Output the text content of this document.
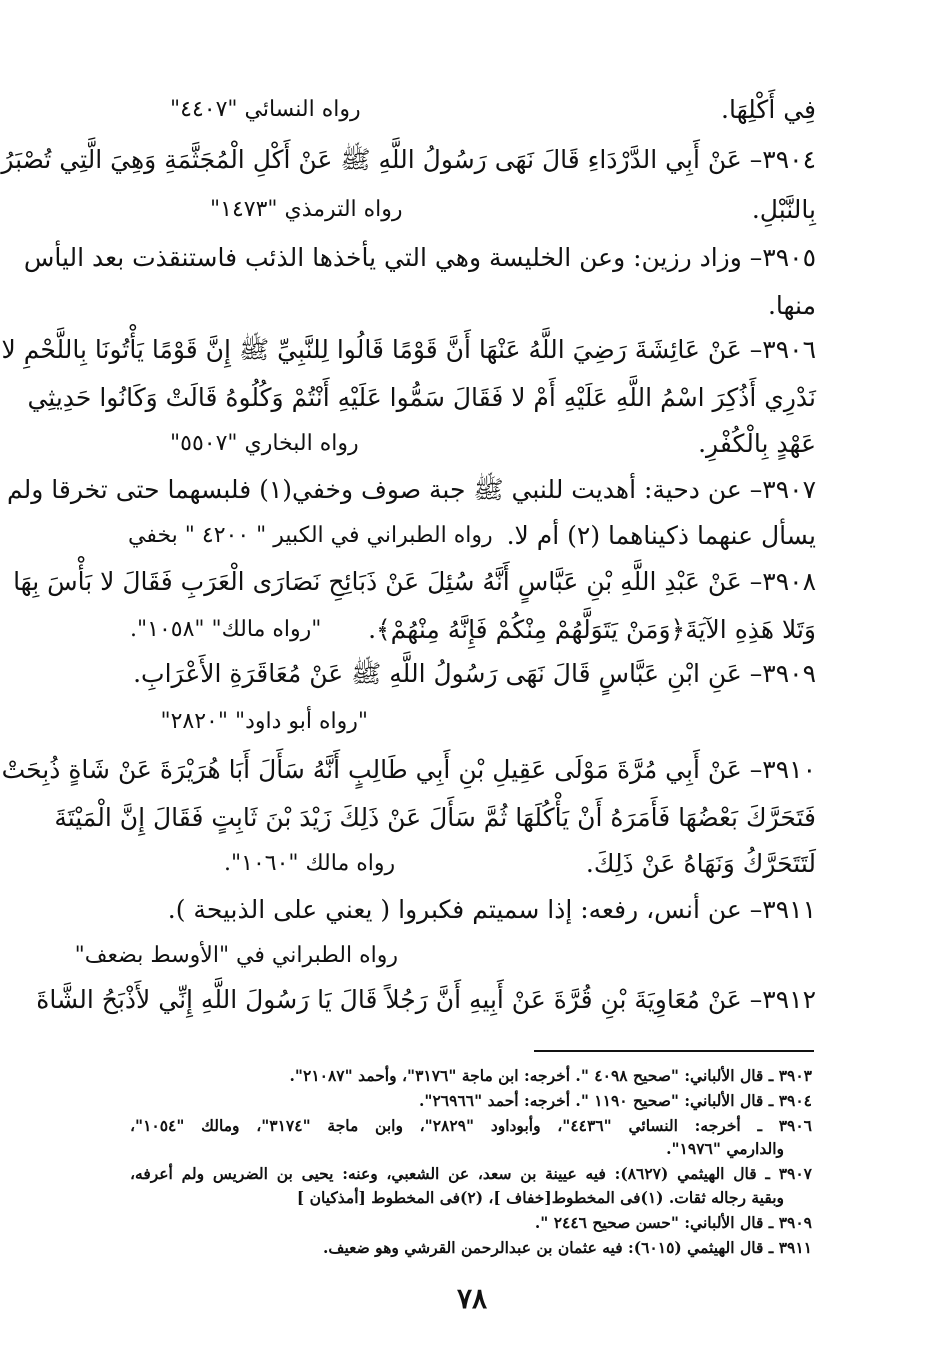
فِي أَكْلِهَا.
رواه النسائي "٤٤٠٧"
٣٩٠٤– عَنْ أَبِي الدَّرْدَاءِ قَالَ نَهَى رَسُولُ اللَّهِ ﷺ عَنْ أَكْلِ الْمُجَثَّمَةِ وَهِيَ الَّتِي تُصْبَرُ
بِالنَّبْلِ.
رواه الترمذي "١٤٧٣"
٣٩٠٥– وزاد رزين: وعن الخليسة وهي التي يأخذها الذئب فاستنقذت بعد اليأس
منها.
٣٩٠٦– عَنْ عَائِشَةَ رَضِيَ اللَّهُ عَنْهَا أَنَّ قَوْمًا قَالُوا لِلنَّبِيِّ ﷺ إِنَّ قَوْمًا يَأْتُونَا بِاللَّحْمِ لا
نَدْرِي أَذُكِرَ اسْمُ اللَّهِ عَلَيْهِ أَمْ لا فَقَالَ سَمُّوا عَلَيْهِ أَنْتُمْ وَكُلُوهُ قَالَتْ وَكَانُوا حَدِيثِي
عَهْدٍ بِالْكُفْرِ.
رواه البخاري "٥٥٠٧"
٣٩٠٧– عن دحية: أهديت للنبي ﷺ جبة صوف وخفي(١) فلبسهما حتى تخرقا ولم
يسأل عنهما ذكيناهما (٢) أم لا.
رواه الطبراني في الكبير " ٤٢٠٠ " بخفي
٣٩٠٨– عَنْ عَبْدِ اللَّهِ بْنِ عَبَّاسٍ أَنَّهُ سُئِلَ عَنْ ذَبَائِحِ نَصَارَى الْعَرَبِ فَقَالَ لا بَأْسَ بِهَا
وَتَلا هَذِهِ الآيَةَ﴿وَمَنْ يَتَوَلَّهُمْ مِنْكُمْ فَإِنَّهُ مِنْهُمْ﴾.
"رواه مالك" "١٠٥٨".
٣٩٠٩– عَنِ ابْنِ عَبَّاسٍ قَالَ نَهَى رَسُولُ اللَّهِ ﷺ عَنْ مُعَاقَرَةِ الأَعْرَابِ.
"رواه أبو داود" "٢٨٢٠"
٣٩١٠– عَنْ أَبِي مُرَّةَ مَوْلَى عَقِيلِ بْنِ أَبِي طَالِبٍ أَنَّهُ سَأَلَ أَبَا هُرَيْرَةَ عَنْ شَاةٍ ذُبِحَتْ
فَتَحَرَّكَ بَعْضُهَا فَأَمَرَهُ أَنْ يَأْكُلَهَا ثُمَّ سَأَلَ عَنْ ذَلِكَ زَيْدَ بْنَ ثَابِتٍ فَقَالَ إِنَّ الْمَيْتَةَ
لَتَتَحَرَّكُ وَنَهَاهُ عَنْ ذَلِكَ.
رواه مالك "١٠٦٠".
٣٩١١– عن أنس، رفعه: إذا سميتم فكبروا ( يعني على الذبيحة ).
رواه الطبراني في "الأوسط بضعف"
٣٩١٢– عَنْ مُعَاوِيَةَ بْنِ قُرَّةَ عَنْ أَبِيهِ أَنَّ رَجُلاً قَالَ يَا رَسُولَ اللَّهِ إِنِّي لأَذْبَحُ الشَّاةَ
٣٩٠٣ ـ قال الألباني: "صحيح ٤٠٩٨ ". أخرجه: ابن ماجة "٣١٧٦"، وأحمد "٢١٠٨٧".
٣٩٠٤ ـ قال الألباني: "صحيح ١١٩٠ ". أخرجه: أحمد "٢٦٩٦٦".
٣٩٠٦ ـ أخرجه: النسائي "٤٤٣٦"، وأبوداود "٢٨٢٩"، وابن ماجة "٣١٧٤"، ومالك "١٠٥٤"،
والدارمي "١٩٧٦".
٣٩٠٧ ـ قال الهيثمي (٨٦٢٧): فيه عيينة بن سعد، عن الشعبي، وعنه: يحيى بن الضريس ولم أعرفه،
وبقية رجاله ثقات. (١)فى المخطوط[خفاف ]، (٢)فى المخطوط [أمذكيان ]
٣٩٠٩ ـ قال الألباني: "حسن صحيح ٢٤٤٦ ".
٣٩١١ ـ قال الهيثمي (٦٠١٥): فيه عثمان بن عبدالرحمن القرشي وهو ضعيف.
٧٨
